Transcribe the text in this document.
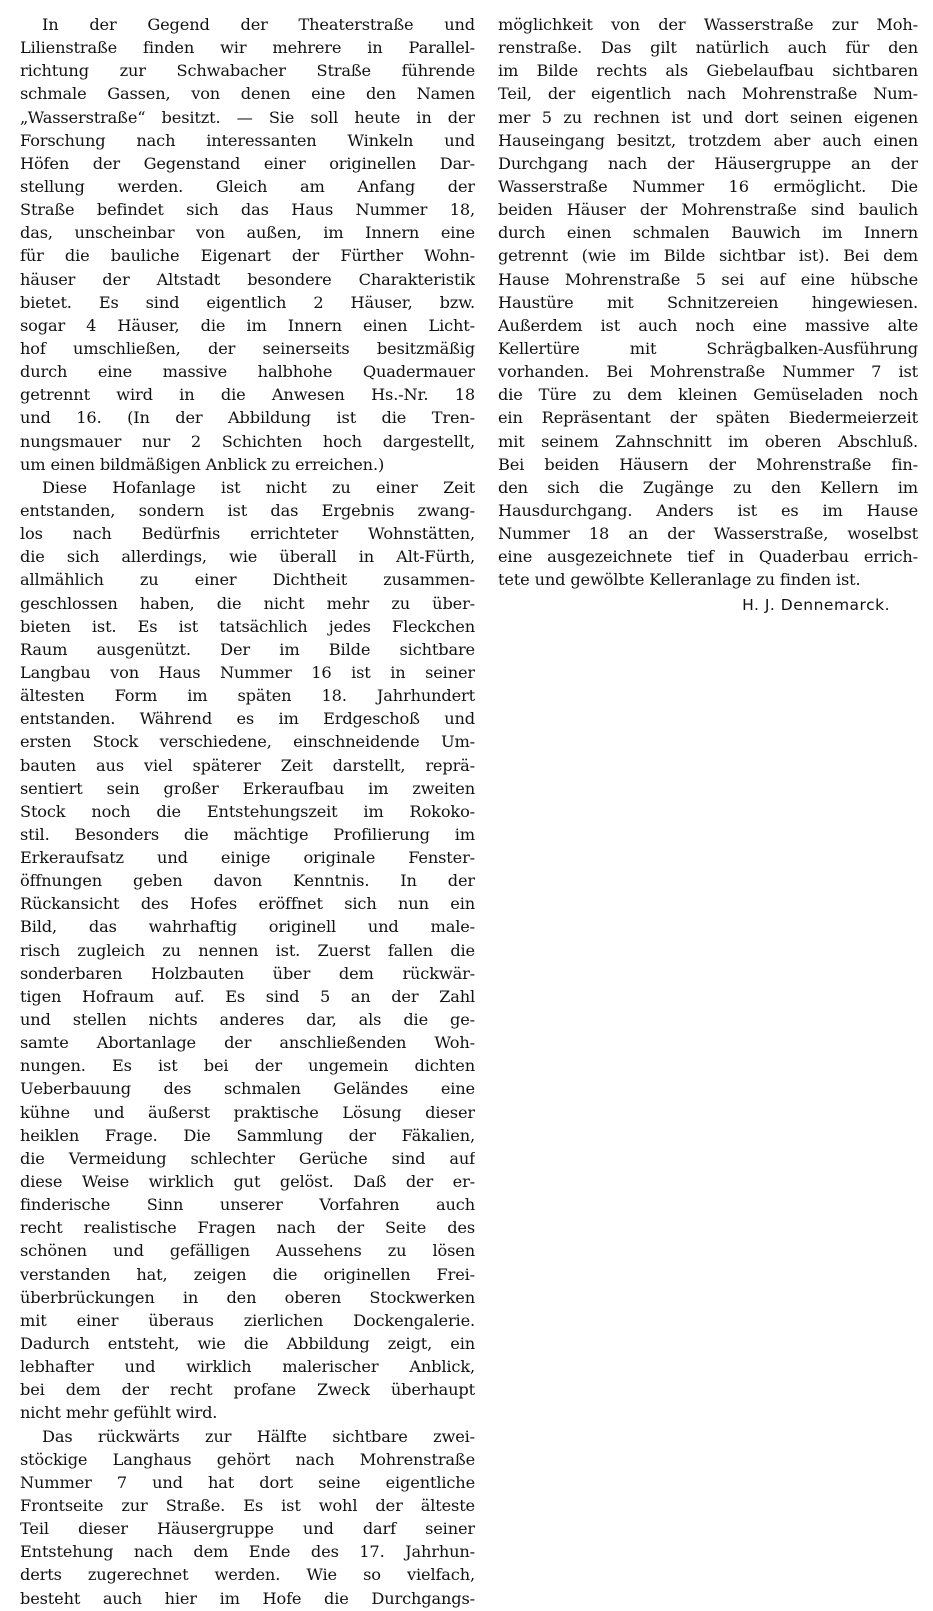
In der Gegend der Theaterstraße und
Lilienstraße finden wir mehrere in Parallel-
richtung zur Schwabacher Straße führende
schmale Gassen, von denen eine den Namen
„Wasserstraße“ besitzt. — Sie soll heute in der
Forschung nach interessanten Winkeln und
Höfen der Gegenstand einer originellen Dar-
stellung werden. Gleich am Anfang der
Straße befindet sich das Haus Nummer 18,
das, unscheinbar von außen, im Innern eine
für die bauliche Eigenart der Fürther Wohn-
häuser der Altstadt besondere Charakteristik
bietet. Es sind eigentlich 2 Häuser, bzw.
sogar 4 Häuser, die im Innern einen Licht-
hof umschließen, der seinerseits besitzmäßig
durch eine massive halbhohe Quadermauer
getrennt wird in die Anwesen Hs.-Nr. 18
und 16. (In der Abbildung ist die Tren-
nungsmauer nur 2 Schichten hoch dargestellt,
um einen bildmäßigen Anblick zu erreichen.)
Diese Hofanlage ist nicht zu einer Zeit
entstanden, sondern ist das Ergebnis zwang-
los nach Bedürfnis errichteter Wohnstätten,
die sich allerdings, wie überall in Alt-Fürth,
allmählich zu einer Dichtheit zusammen-
geschlossen haben, die nicht mehr zu über-
bieten ist. Es ist tatsächlich jedes Fleckchen
Raum ausgenützt. Der im Bilde sichtbare
Langbau von Haus Nummer 16 ist in seiner
ältesten Form im späten 18. Jahrhundert
entstanden. Während es im Erdgeschoß und
ersten Stock verschiedene, einschneidende Um-
bauten aus viel späterer Zeit darstellt, reprä-
sentiert sein großer Erkeraufbau im zweiten
Stock noch die Entstehungszeit im Rokoko-
stil. Besonders die mächtige Profilierung im
Erkeraufsatz und einige originale Fenster-
öffnungen geben davon Kenntnis. In der
Rückansicht des Hofes eröffnet sich nun ein
Bild, das wahrhaftig originell und male-
risch zugleich zu nennen ist. Zuerst fallen die
sonderbaren Holzbauten über dem rückwär-
tigen Hofraum auf. Es sind 5 an der Zahl
und stellen nichts anderes dar, als die ge-
samte Abortanlage der anschließenden Woh-
nungen. Es ist bei der ungemein dichten
Ueberbauung des schmalen Geländes eine
kühne und äußerst praktische Lösung dieser
heiklen Frage. Die Sammlung der Fäkalien,
die Vermeidung schlechter Gerüche sind auf
diese Weise wirklich gut gelöst. Daß der er-
finderische Sinn unserer Vorfahren auch
recht realistische Fragen nach der Seite des
schönen und gefälligen Aussehens zu lösen
verstanden hat, zeigen die originellen Frei-
überbrückungen in den oberen Stockwerken
mit einer überaus zierlichen Dockengalerie.
Dadurch entsteht, wie die Abbildung zeigt, ein
lebhafter und wirklich malerischer Anblick,
bei dem der recht profane Zweck überhaupt
nicht mehr gefühlt wird.
Das rückwärts zur Hälfte sichtbare zwei-
stöckige Langhaus gehört nach Mohrenstraße
Nummer 7 und hat dort seine eigentliche
Frontseite zur Straße. Es ist wohl der älteste
Teil dieser Häusergruppe und darf seiner
Entstehung nach dem Ende des 17. Jahrhun-
derts zugerechnet werden. Wie so vielfach,
besteht auch hier im Hofe die Durchgangs-
möglichkeit von der Wasserstraße zur Moh-
renstraße. Das gilt natürlich auch für den
im Bilde rechts als Giebelaufbau sichtbaren
Teil, der eigentlich nach Mohrenstraße Num-
mer 5 zu rechnen ist und dort seinen eigenen
Hauseingang besitzt, trotzdem aber auch einen
Durchgang nach der Häusergruppe an der
Wasserstraße Nummer 16 ermöglicht. Die
beiden Häuser der Mohrenstraße sind baulich
durch einen schmalen Bauwich im Innern
getrennt (wie im Bilde sichtbar ist). Bei dem
Hause Mohrenstraße 5 sei auf eine hübsche
Haustüre mit Schnitzereien hingewiesen.
Außerdem ist auch noch eine massive alte
Kellertüre mit Schrägbalken-Ausführung
vorhanden. Bei Mohrenstraße Nummer 7 ist
die Türe zu dem kleinen Gemüseladen noch
ein Repräsentant der späten Biedermeierzeit
mit seinem Zahnschnitt im oberen Abschluß.
Bei beiden Häusern der Mohrenstraße fin-
den sich die Zugänge zu den Kellern im
Hausdurchgang. Anders ist es im Hause
Nummer 18 an der Wasserstraße, woselbst
eine ausgezeichnete tief in Quaderbau errich-
tete und gewölbte Kelleranlage zu finden ist.
H. J. Dennemarck.
